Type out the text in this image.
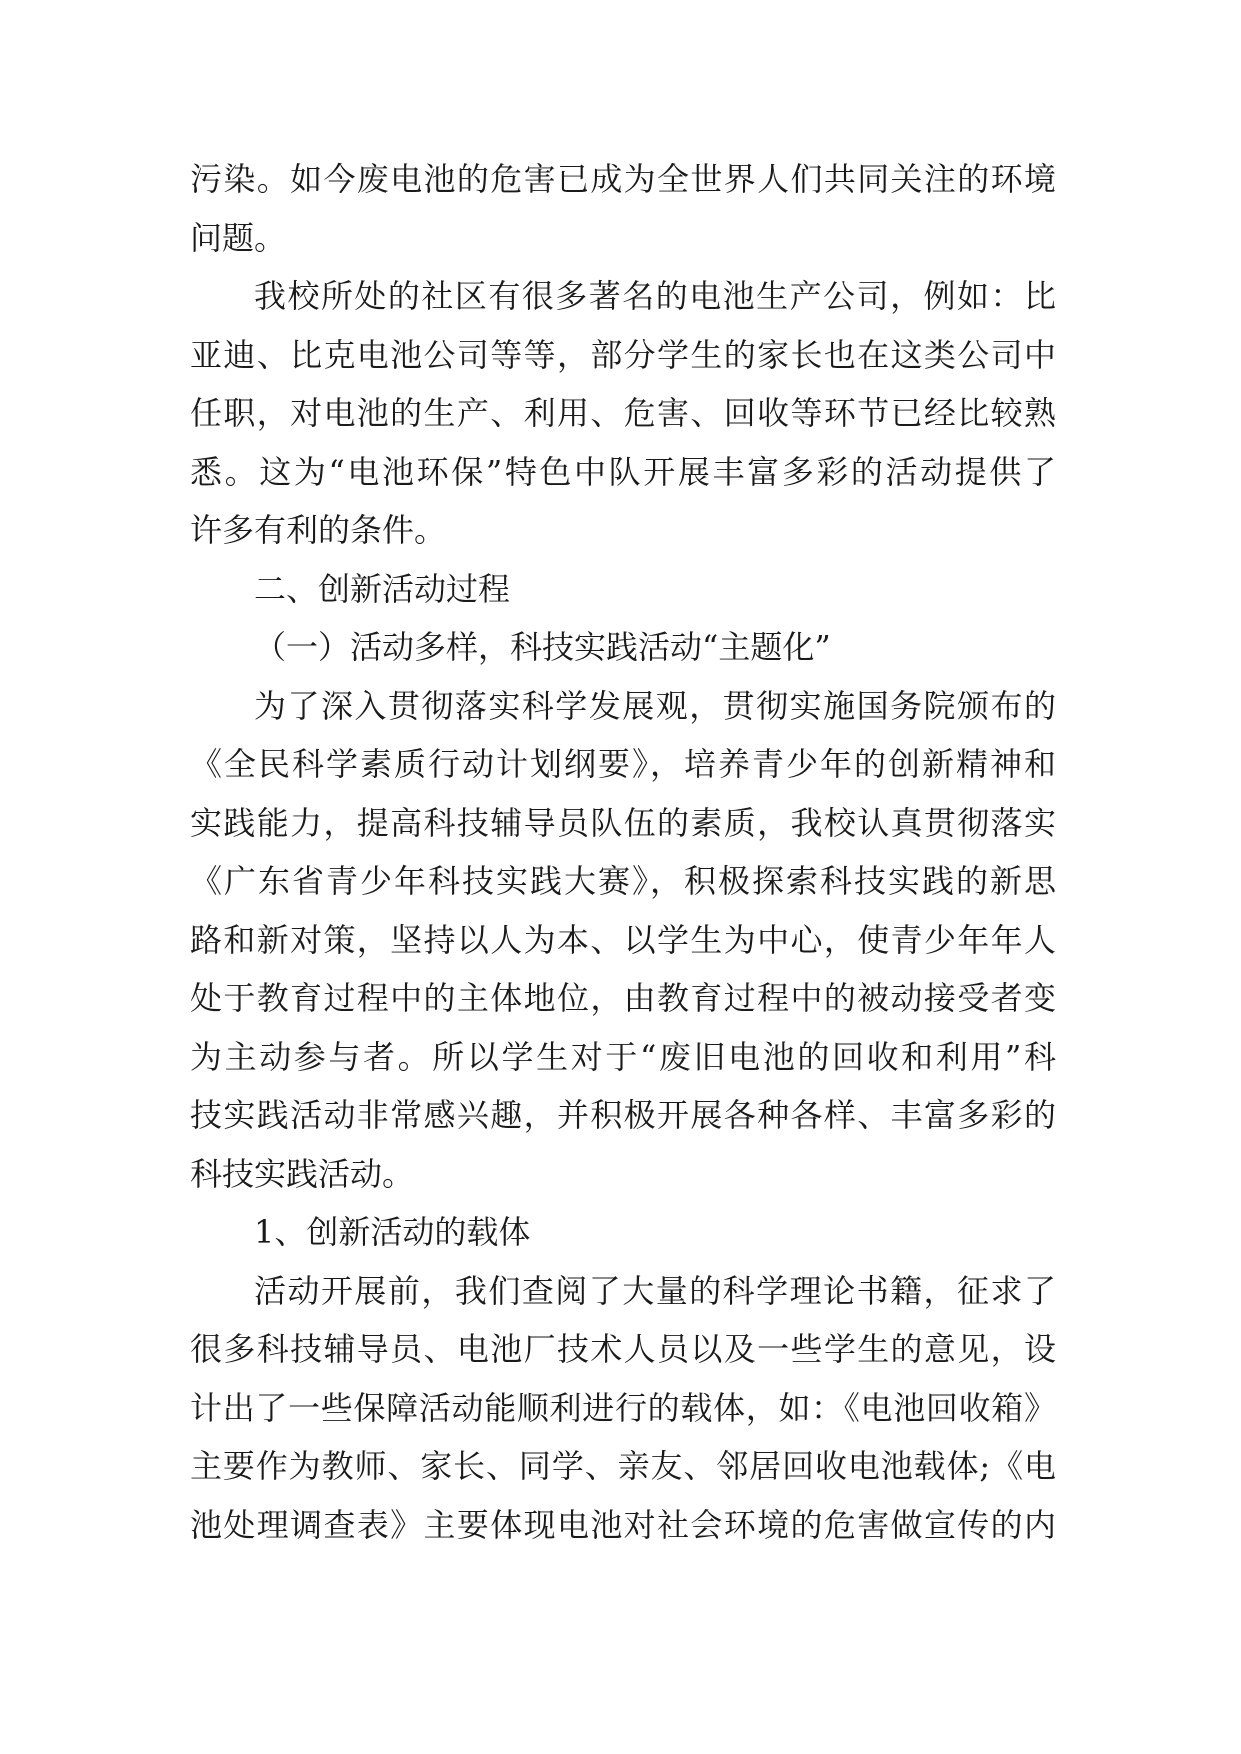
污染。如今废电池的危害已成为全世界人们共同关注的环境
问题。
我校所处的社区有很多著名的电池生产公司，例如：比
亚迪、比克电池公司等等，部分学生的家长也在这类公司中
任职，对电池的生产、利用、危害、回收等环节已经比较熟
悉。这为“电池环保”特色中队开展丰富多彩的活动提供了
许多有利的条件。
二、创新活动过程
（一）活动多样，科技实践活动“主题化”
为了深入贯彻落实科学发展观，贯彻实施国务院颁布的
《全民科学素质行动计划纲要》，培养青少年的创新精神和
实践能力，提高科技辅导员队伍的素质，我校认真贯彻落实
《广东省青少年科技实践大赛》，积极探索科技实践的新思
路和新对策，坚持以人为本、以学生为中心，使青少年年人
处于教育过程中的主体地位，由教育过程中的被动接受者变
为主动参与者。所以学生对于“废旧电池的回收和利用”科
技实践活动非常感兴趣，并积极开展各种各样、丰富多彩的
科技实践活动。
1、创新活动的载体
活动开展前，我们查阅了大量的科学理论书籍，征求了
很多科技辅导员、电池厂技术人员以及一些学生的意见，设
计出了一些保障活动能顺利进行的载体，如：《电池回收箱》
主要作为教师、家长、同学、亲友、邻居回收电池载体;《电
池处理调查表》主要体现电池对社会环境的危害做宣传的内
